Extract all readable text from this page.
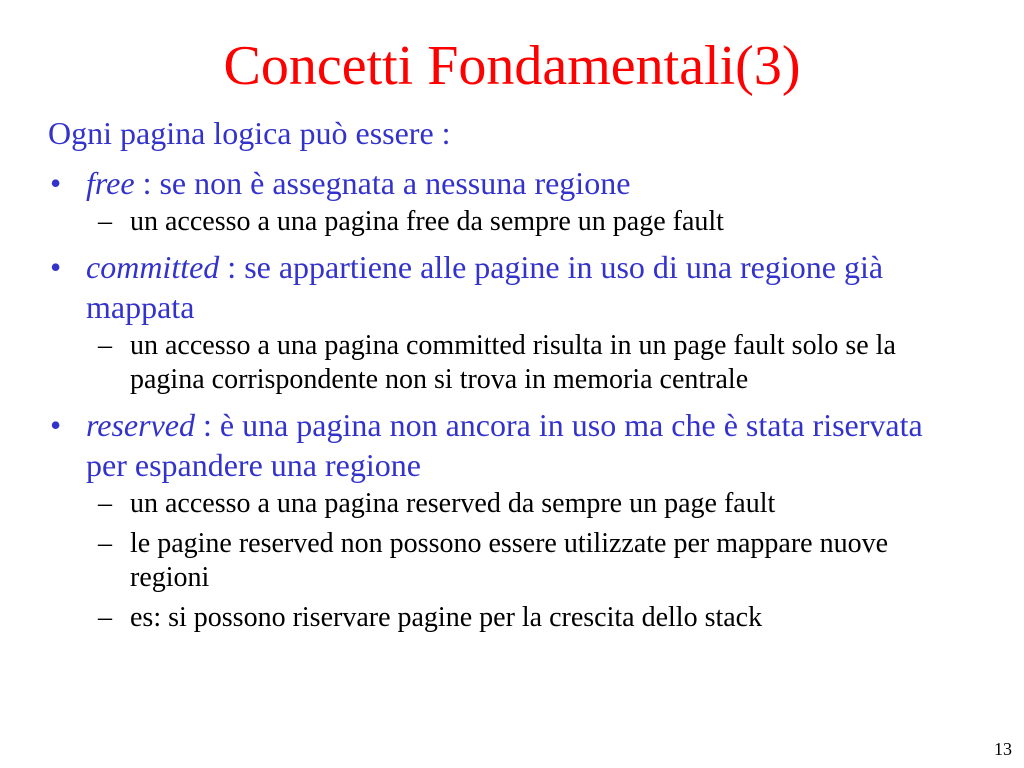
Concetti Fondamentali(3)

Ogni pagina logica può essere :

• free : se non è assegnata a nessuna regione

– un accesso a una pagina free da sempre un page fault

• committed : se appartiene alle pagine in uso di una regione già mappata

– un accesso a una pagina committed risulta in un page fault solo se la pagina corrispondente non si trova in memoria centrale

• reserved : è una pagina non ancora in uso ma che è stata riservata per espandere una regione

– un accesso a una pagina reserved da sempre un page fault

– le pagine reserved non possono essere utilizzate per mappare nuove regioni

– es: si possono riservare pagine per la crescita dello stack

13
